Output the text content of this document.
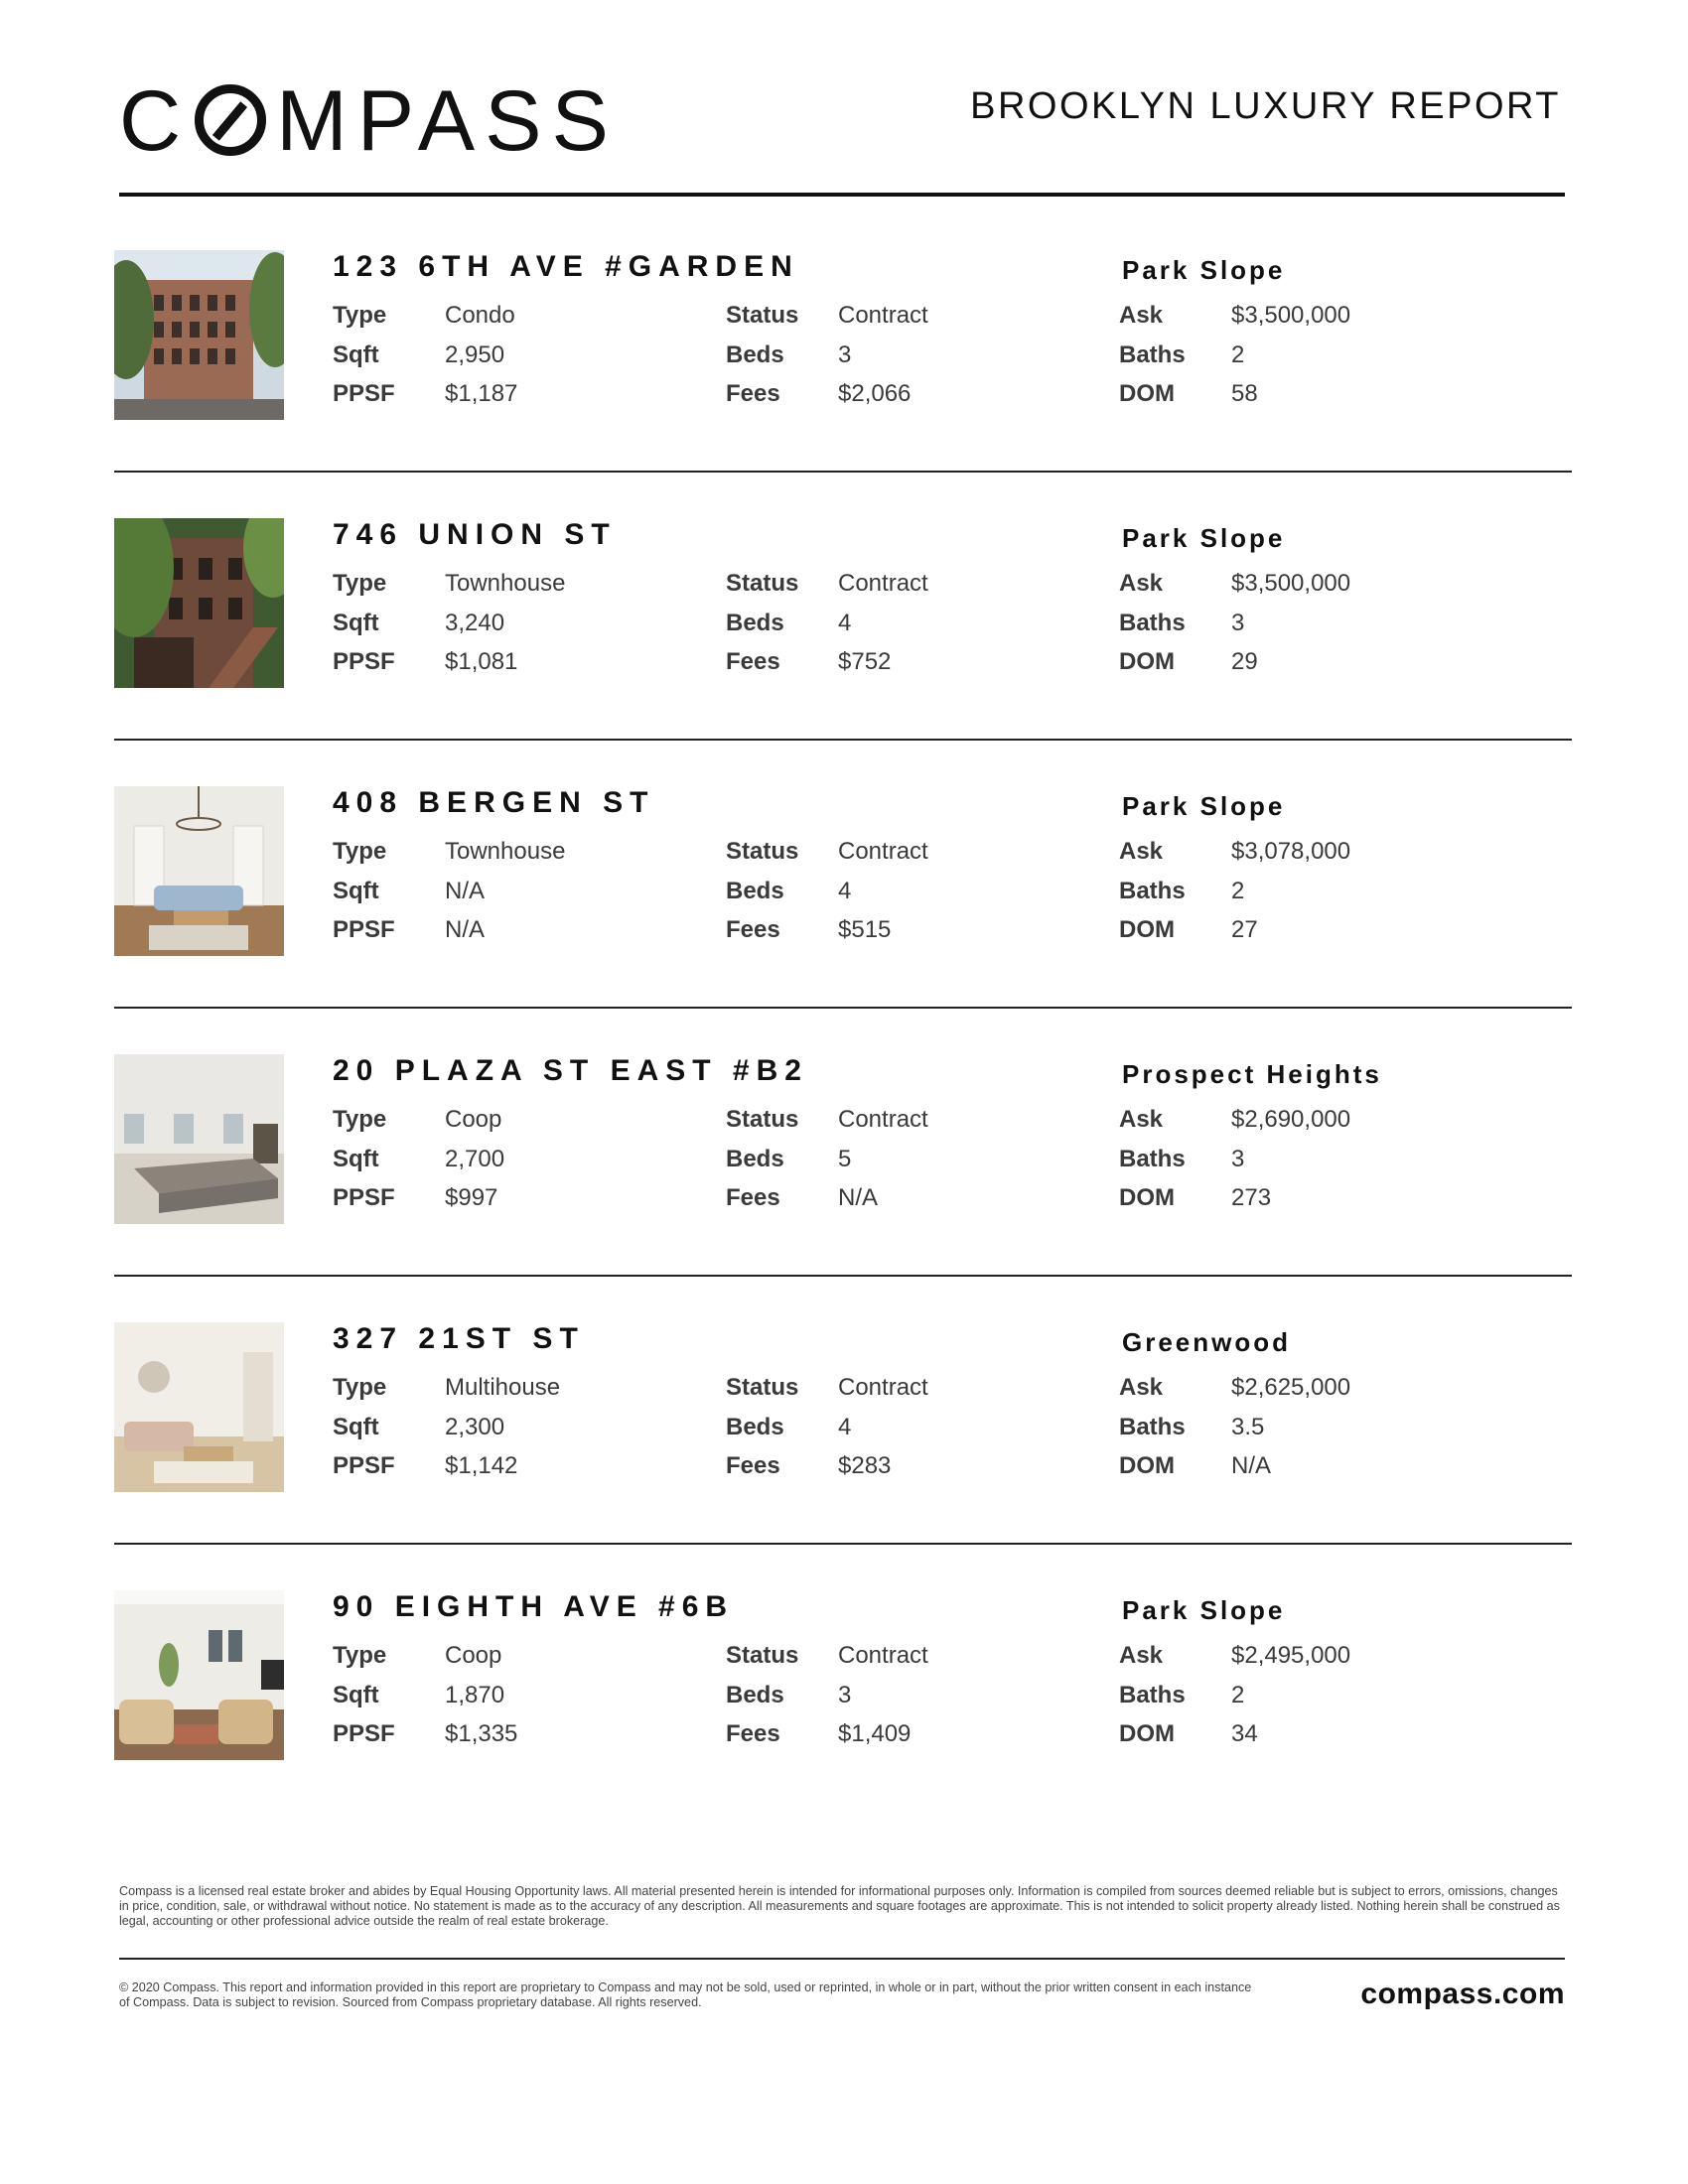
C MPASS	BROOKLYN LUXURY REPORT
123 6TH AVE #GARDEN	Park Slope
Type Condo	Status Contract	Ask	$3,500,000
Sqft	2,950	Beds 3	Baths 2
PPSF $1,187	Fees $2,066	DOM 58
746 UNION ST	Park Slope
Type Townhouse	Status Contract	Ask	$3,500,000
Sqft	3,240	Beds 4	Baths 3
PPSF $1,081	Fees $752	DOM 29
408 BERGEN ST	Park Slope
Type Townhouse	Status Contract	Ask	$3,078,000
Sqft	N/A	Beds 4	Baths 2
PPSF N/A	Fees $515	DOM 27
20 PLAZA ST EAST #B2	Prospect Heights
Type Coop	Status Contract	Ask	$2,690,000
Sqft	2,700	Beds 5	Baths 3
PPSF $997	Fees N/A	DOM 273
327 21ST ST	Greenwood
Type Multihouse	Status Contract	Ask	$2,625,000
Sqft	2,300	Beds 4	Baths 3.5
PPSF $1,142	Fees $283	DOM N/A
90 EIGHTH AVE #6B	Park Slope
Type Coop	Status Contract	Ask	$2,495,000
Sqft	1,870	Beds 3	Baths 2
PPSF $1,335	Fees $1,409	DOM 34
Compass is a licensed real estate broker and abides by Equal Housing Opportunity laws. All material presented herein is intended for informational purposes only. Information is compiled from sources deemed reliable but is subject to errors, omissions, changes in price, condition, sale, or withdrawal without notice. No statement is made as to the accuracy of any description. All measurements and square footages are approximate. This is not intended to solicit property already listed. Nothing herein shall be construed as legal, accounting or other professional advice outside the realm of real estate brokerage.
© 2020 Compass. This report and information provided in this report are proprietary to Compass and may not be sold, used or reprinted, in whole or in part, without the prior written consent in each instance of Compass. Data is subject to revision. Sourced from Compass proprietary database. All rights reserved.	compass.com
